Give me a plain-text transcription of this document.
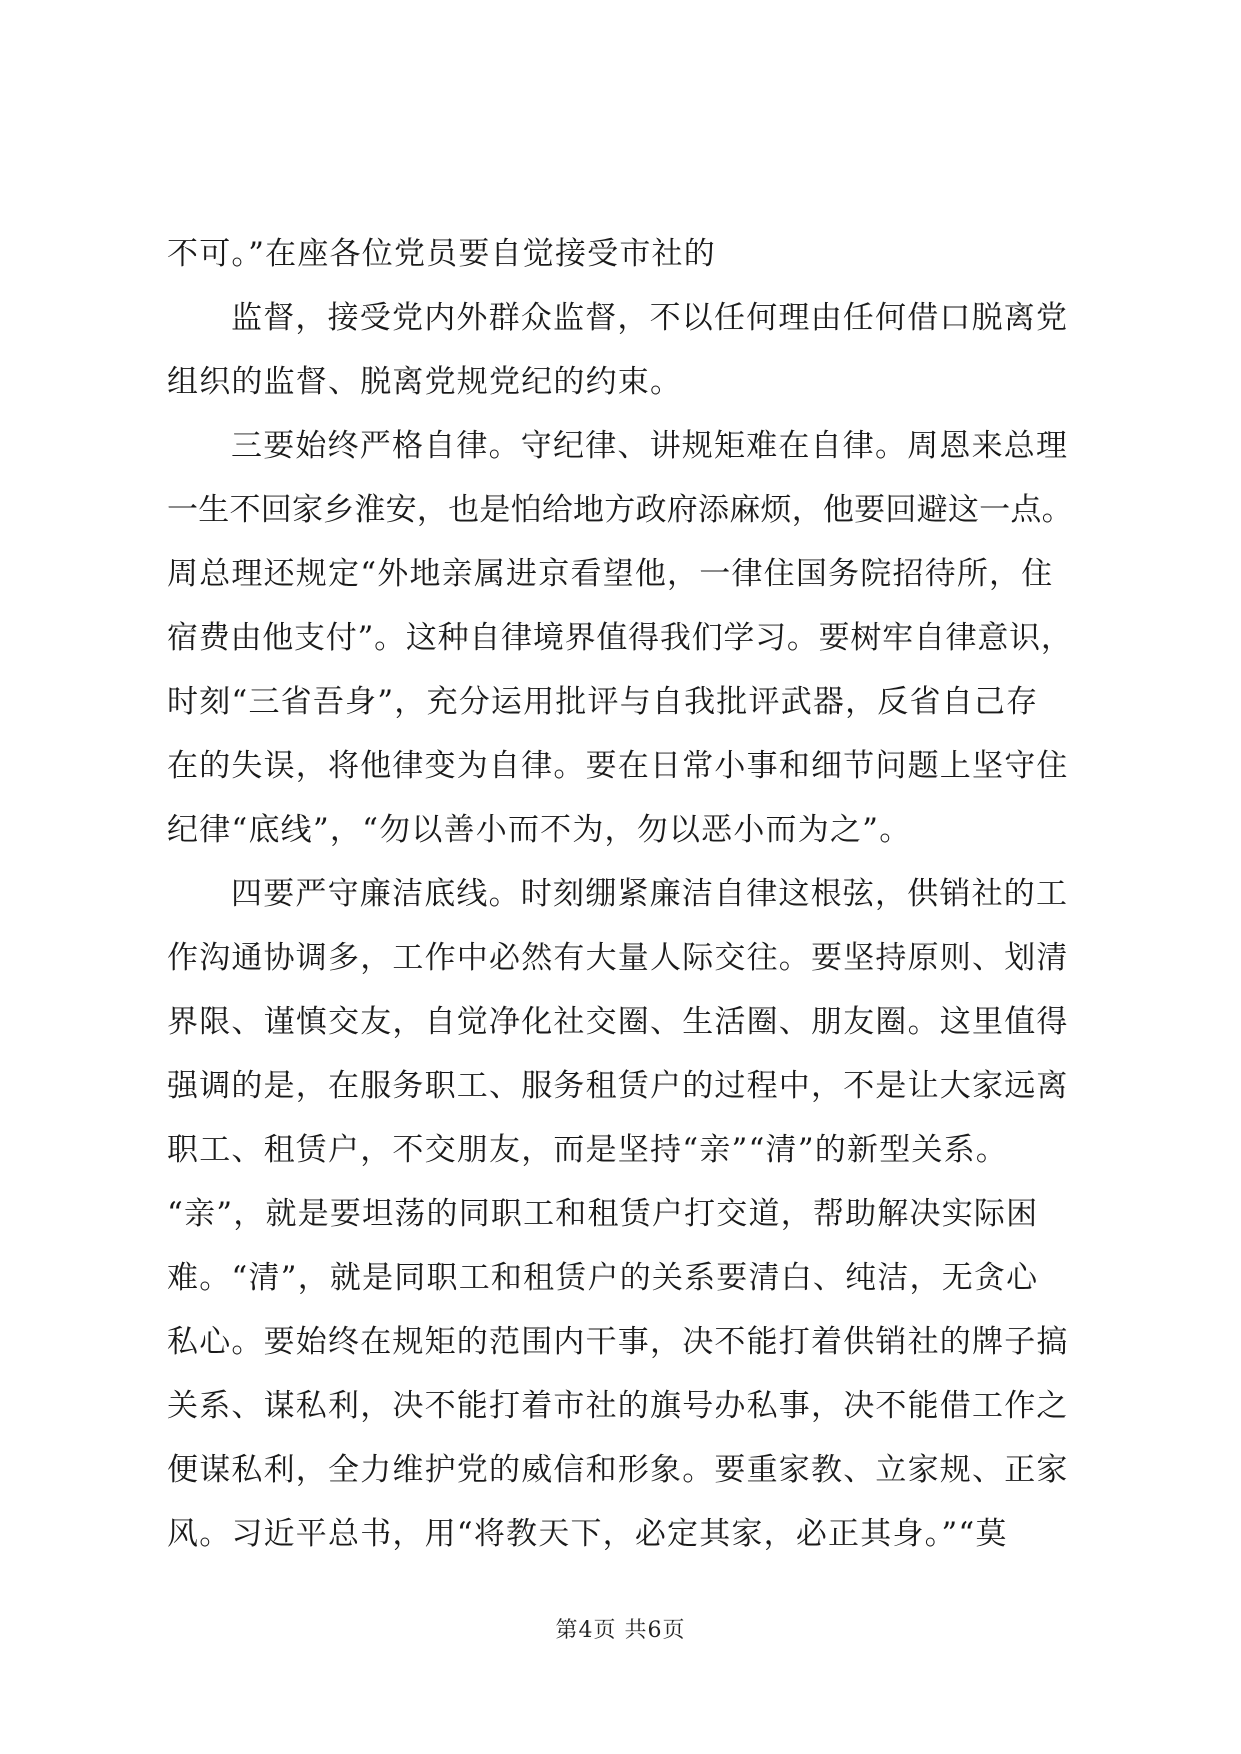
不可。”在座各位党员要自觉接受市社的
监督，接受党内外群众监督，不以任何理由任何借口脱离党
组织的监督、脱离党规党纪的约束。
三要始终严格自律。守纪律、讲规矩难在自律。周恩来总理
一生不回家乡淮安，也是怕给地方政府添麻烦，他要回避这一点。
周总理还规定“外地亲属进京看望他，一律住国务院招待所，住
宿费由他支付”。这种自律境界值得我们学习。要树牢自律意识，
时刻“三省吾身”，充分运用批评与自我批评武器，反省自己存
在的失误，将他律变为自律。要在日常小事和细节问题上坚守住
纪律“底线”，“勿以善小而不为，勿以恶小而为之”。
四要严守廉洁底线。时刻绷紧廉洁自律这根弦，供销社的工
作沟通协调多，工作中必然有大量人际交往。要坚持原则、划清
界限、谨慎交友，自觉净化社交圈、生活圈、朋友圈。这里值得
强调的是，在服务职工、服务租赁户的过程中，不是让大家远离
职工、租赁户，不交朋友，而是坚持“亲”“清”的新型关系。
“亲”，就是要坦荡的同职工和租赁户打交道，帮助解决实际困
难。“清”，就是同职工和租赁户的关系要清白、纯洁，无贪心
私心。要始终在规矩的范围内干事，决不能打着供销社的牌子搞
关系、谋私利，决不能打着市社的旗号办私事，决不能借工作之
便谋私利，全力维护党的威信和形象。要重家教、立家规、正家
风。习近平总书，用“将教天下，必定其家，必正其身。”“莫
第4页 共6页
